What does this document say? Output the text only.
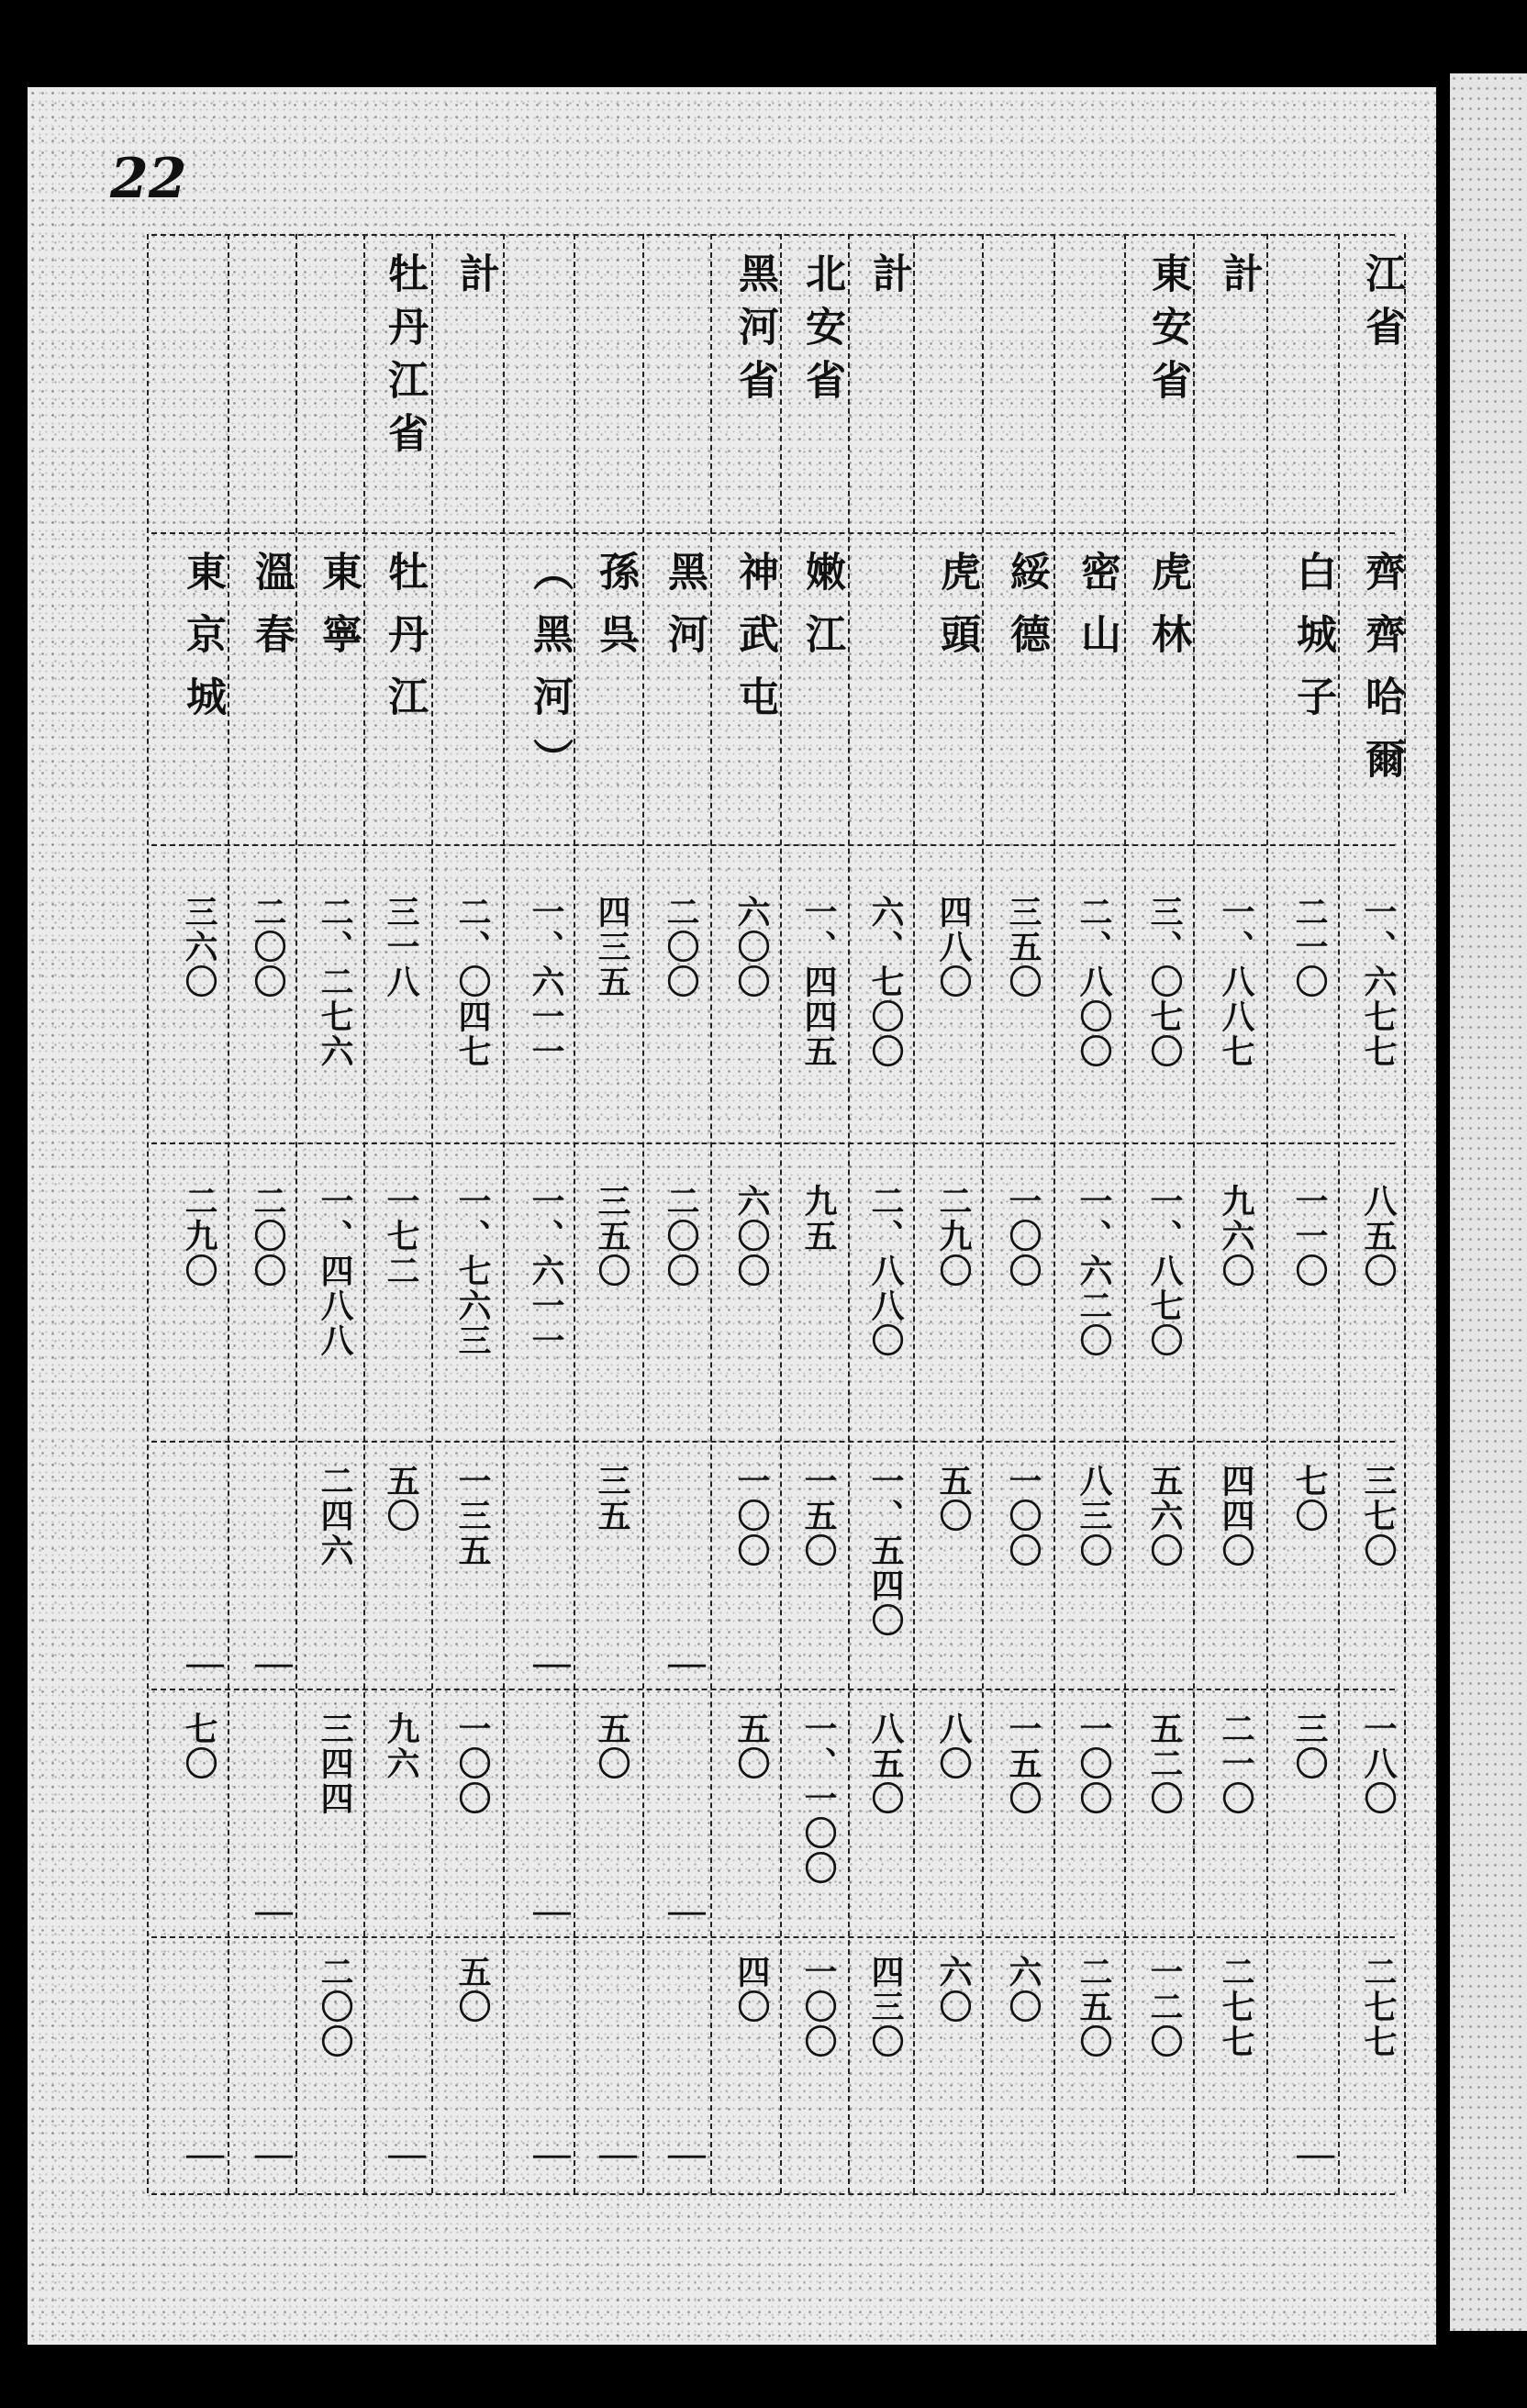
22
江省
齊齊哈爾
一、六七七
八五〇
三七〇
一八〇
二七七
白城子
二一〇
一一〇
七〇
三〇
｜
計
一、八八七
九六〇
四四〇
二一〇
二七七
東安省
虎林
三、〇七〇
一、八七〇
五六〇
五二〇
一二〇
密山
二、八〇〇
一、六二〇
八三〇
一〇〇
二五〇
綏德
三五〇
一〇〇
一〇〇
一五〇
六〇
虎頭
四八〇
二九〇
五〇
八〇
六〇
計
六、七〇〇
二、八八〇
一、五四〇
八五〇
四三〇
北安省
嫩江
一、四四五
九五
一五〇
一、一〇〇
一〇〇
黑河省
神武屯
六〇〇
六〇〇
一〇〇
五〇
四〇
黑河
二〇〇
二〇〇
｜
｜
｜
孫呉
四三五
三五〇
三五
五〇
｜
（黑河）
一、六一一
一、六一一
｜
｜
｜
計
二、〇四七
一、七六三
一三五
一〇〇
五〇
牡丹江省
牡丹江
三一八
一七二
五〇
九六
｜
東寧
二、二七六
一、四八八
二四六
三四四
二〇〇
溫春
二〇〇
二〇〇
｜
｜
｜
東京城
三六〇
二九〇
｜
七〇
｜
